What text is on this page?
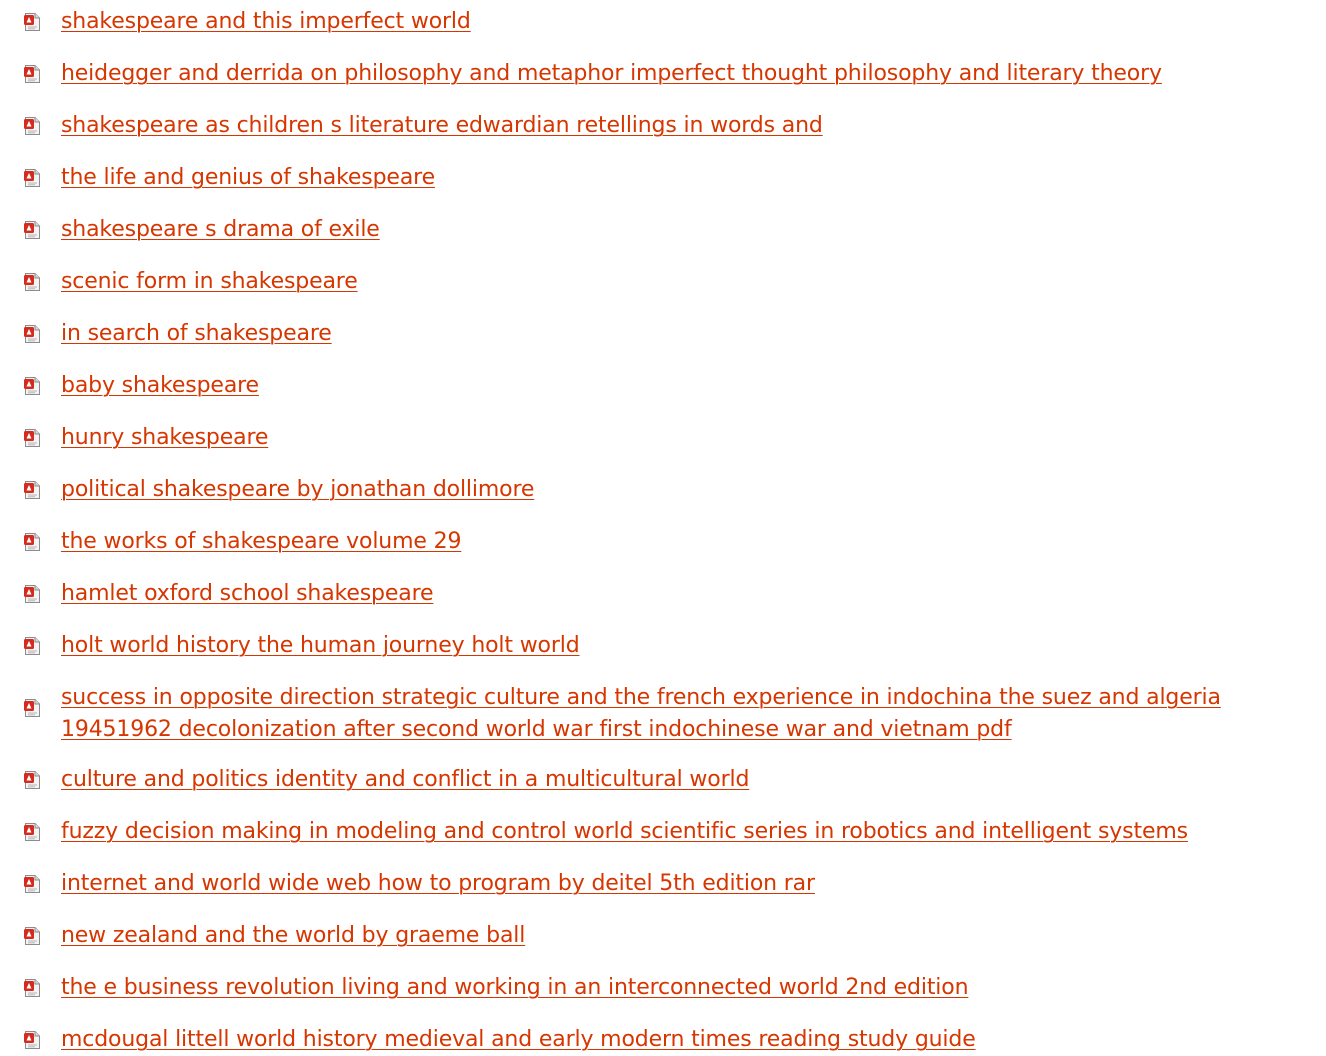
shakespeare and this imperfect world
heidegger and derrida on philosophy and metaphor imperfect thought philosophy and literary theory
shakespeare as children s literature edwardian retellings in words and
the life and genius of shakespeare
shakespeare s drama of exile
scenic form in shakespeare
in search of shakespeare
baby shakespeare
hunry shakespeare
political shakespeare by jonathan dollimore
the works of shakespeare volume 29
hamlet oxford school shakespeare
holt world history the human journey holt world
success in opposite direction strategic culture and the french experience in indochina the suez and algeria 19451962 decolonization after second world war first indochinese war and vietnam pdf
culture and politics identity and conflict in a multicultural world
fuzzy decision making in modeling and control world scientific series in robotics and intelligent systems
internet and world wide web how to program by deitel 5th edition rar
new zealand and the world by graeme ball
the e business revolution living and working in an interconnected world 2nd edition
mcdougal littell world history medieval and early modern times reading study guide
